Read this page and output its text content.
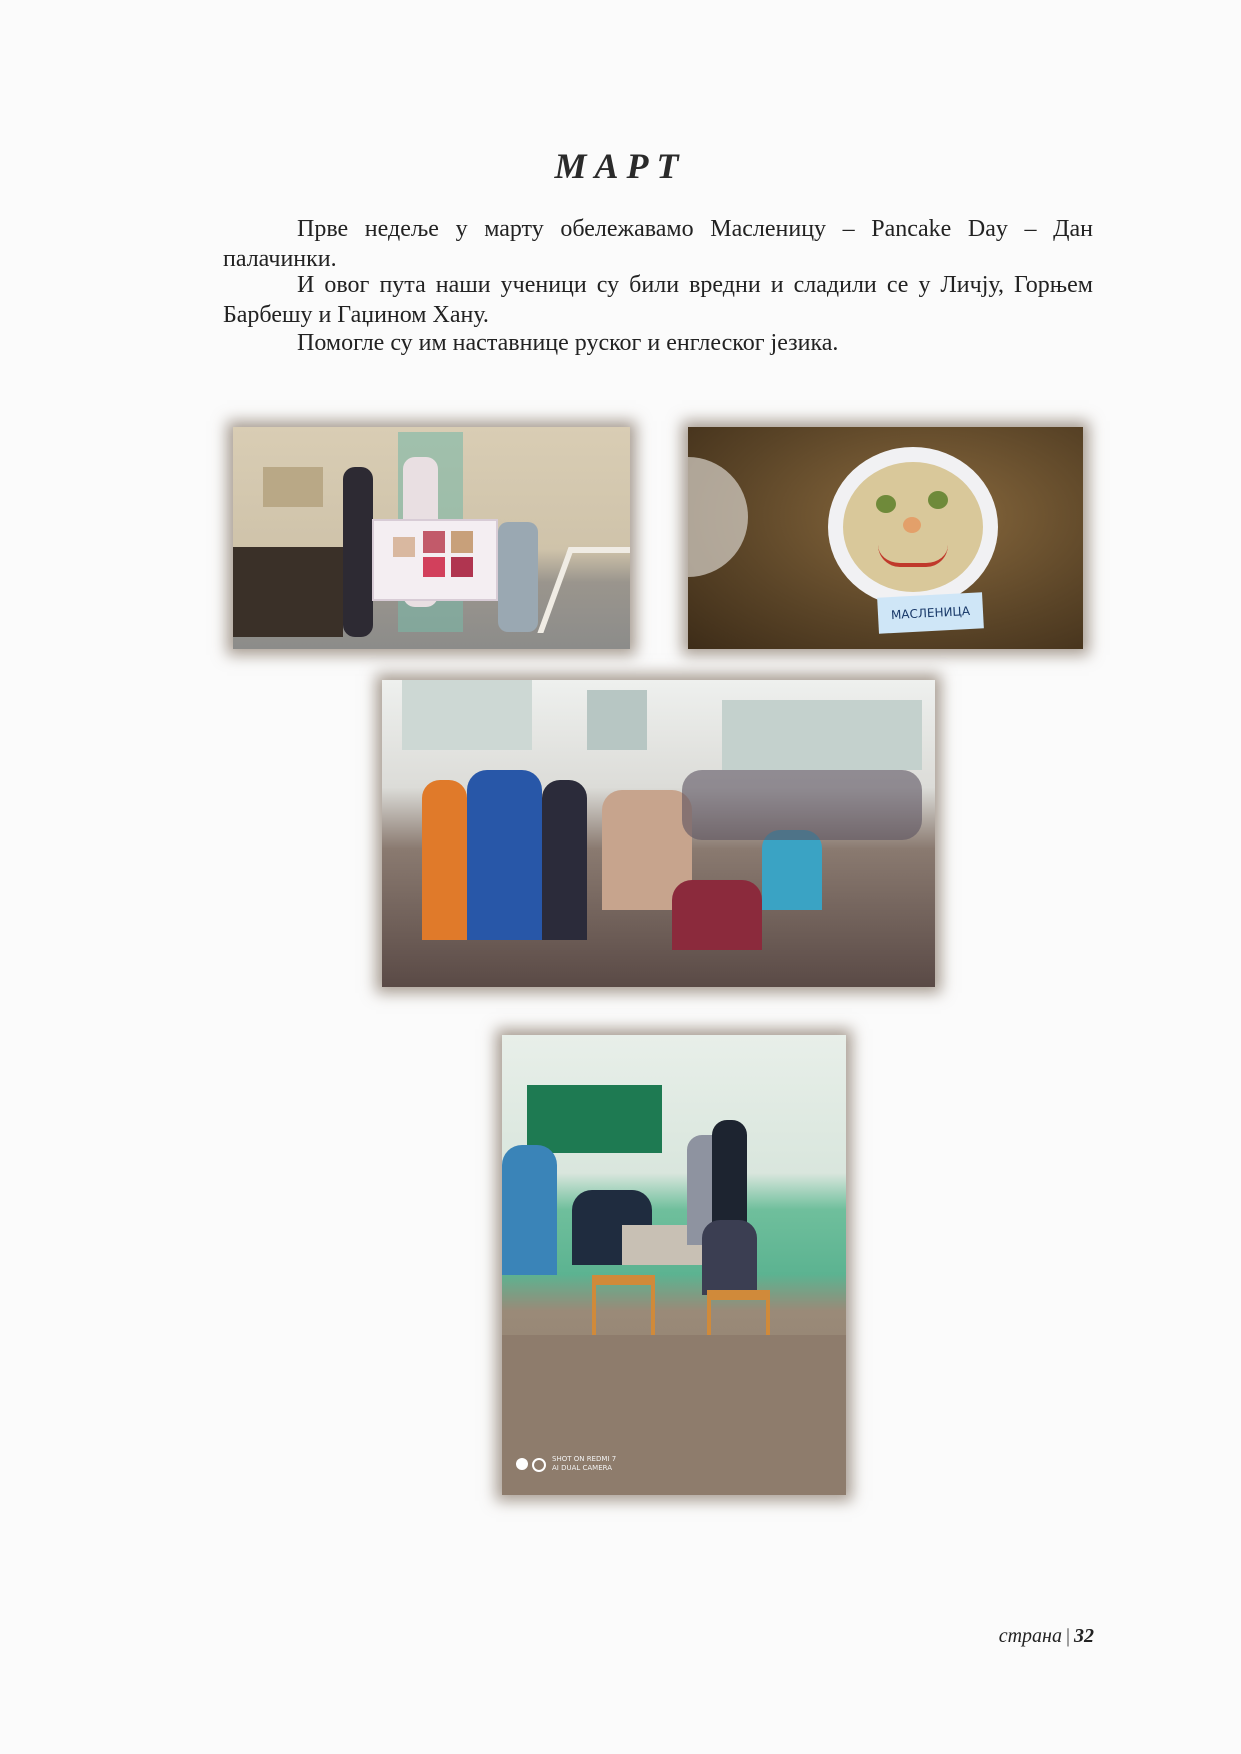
МАРТ
Прве недеље у марту обележавамо Масленицу – Pancake Day – Дан палачинки.
И овог пута наши ученици су били вредни и сладили се у Личју, Горњем Барбешу и Гаџином Хану.
Помогле су им наставнице руског и енглеског језика.
МАСЛЕНИЦА
SHOT ON REDMI 7
AI DUAL CAMERA
страна | 32
